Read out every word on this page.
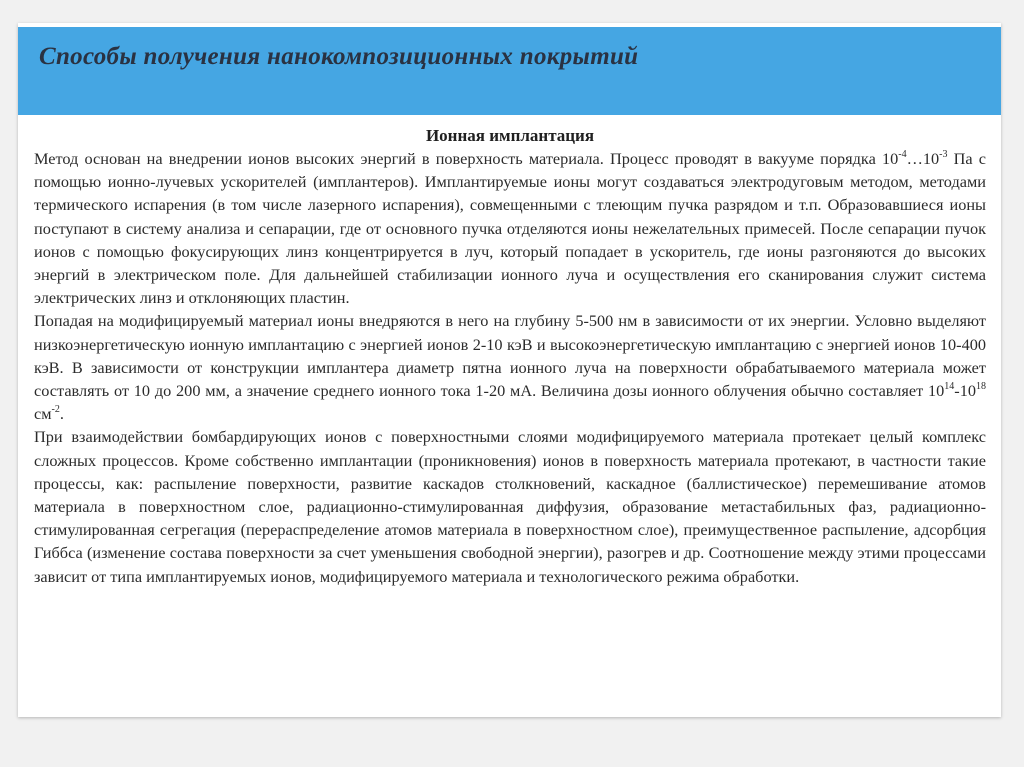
Способы получения нанокомпозиционных покрытий
Ионная имплантация

Метод основан на внедрении ионов высоких энергий в поверхность материала. Процесс проводят в вакууме порядка $10^{-4}\dots 10^{-3}$ Па с помощью ионно-лучевых ускорителей (имплантеров). Имплантируемые ионы могут создаваться электродуговым методом, методами термического испарения (в том числе лазерного испарения), совмещенными с тлеющим пучка разрядом и т.п. Образовавшиеся ионы поступают в систему анализа и сепарации, где от основного пучка отделяются ионы нежелательных примесей. После сепарации пучок ионов с помощью фокусирующих линз концентрируется в луч, который попадает в ускоритель, где ионы разгоняются до высоких энергий в электрическом поле. Для дальнейшей стабилизации ионного луча и осуществления его сканирования служит система электрических линз и отклоняющих пластин.

Попадая на модифицируемый материал ионы внедряются в него на глубину 5-500 нм в зависимости от их энергии. Условно выделяют низкоэнергетическую ионную имплантацию с энергией ионов 2-10 кэВ и высокоэнергетическую имплантацию с энергией ионов 10-400 кэВ. В зависимости от конструкции имплантера диаметр пятна ионного луча на поверхности обрабатываемого материала может составлять от 10 до 200 мм, а значение среднего ионного тока 1-20 мА. Величина дозы ионного облучения обычно составляет $10^{14}-10^{18}$ $см^{-2}$.

При взаимодействии бомбардирующих ионов с поверхностными слоями модифицируемого материала протекает целый комплекс сложных процессов. Кроме собственно имплантации (проникновения) ионов в поверхность материала протекают, в частности такие процессы, как: распыление поверхности, развитие каскадов столкновений, каскадное (баллистическое) перемешивание атомов материала в поверхностном слое, радиационно-стимулированная диффузия, образование метастабильных фаз, радиационно-стимулированная сегрегация (перераспределение атомов материала в поверхностном слое), преимущественное распыление, адсорбция Гиббса (изменение состава поверхности за счет уменьшения свободной энергии), разогрев и др. Соотношение между этими процессами зависит от типа имплантируемых ионов, модифицируемого материала и технологического режима обработки.
